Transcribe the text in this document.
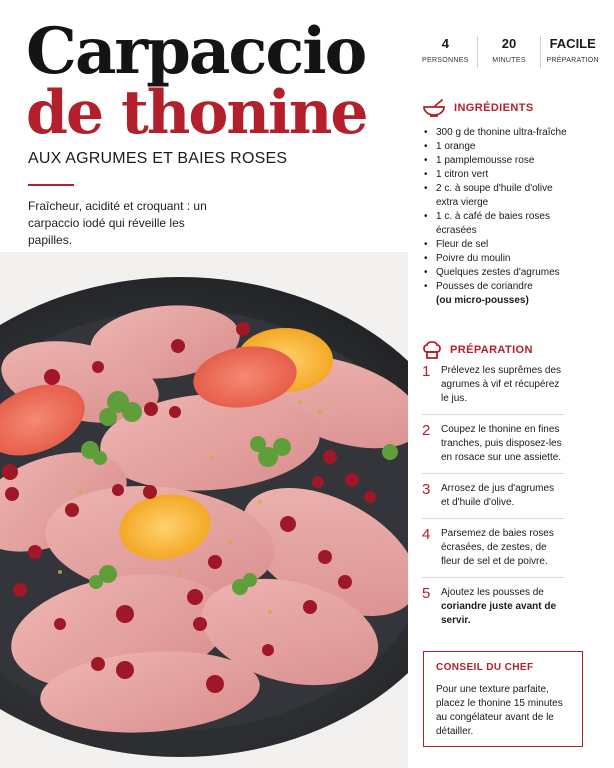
Carpaccio
de thonine
AUX AGRUMES ET BAIES ROSES

Fraîcheur, acidité et croquant : un carpaccio iodé qui réveille les papilles.

4
PERSONNES
20
MINUTES
FACILE
PRÉPARATION
INGRÉDIENTS
• 300 g de thonine ultra-fraîche
• 1 orange
• 1 pamplemousse rose
• 1 citron vert
• 2 c. à soupe d'huile d'olive
extra vierge
• 1 c. à café de baies roses
écrasées
• Fleur de sel
• Poivre du moulin
• Quelques zestes d'agrumes
• Pousses de coriandre
(ou micro-pousses)
PRÉPARATION
1	Prélevez les suprêmes des agrumes à vif et récupérez le jus.
2	Coupez le thonine en fines tranches, puis disposez-les en rosace sur une assiette.
3	Arrosez de jus d'agrumes et d'huile d'olive.
4	Parsemez de baies roses écrasées, de zestes, de fleur de sel et de poivre.
5	Ajoutez les pousses de coriandre juste avant de servir.
CONSEIL DU CHEF

Pour une texture parfaite, placez le thonine 15 minutes au congélateur avant de le détailler.
